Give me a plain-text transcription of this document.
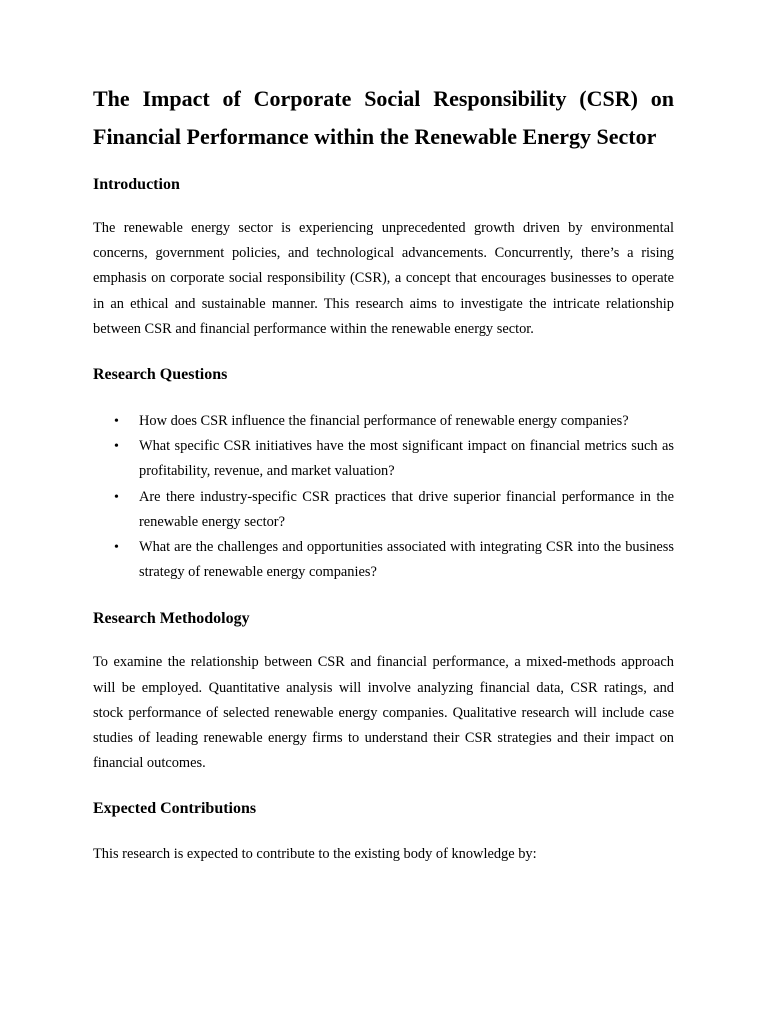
The Impact of Corporate Social Responsibility (CSR) on Financial Performance within the Renewable Energy Sector
Introduction

The renewable energy sector is experiencing unprecedented growth driven by environmental concerns, government policies, and technological advancements. Concurrently, there’s a rising emphasis on corporate social responsibility (CSR), a concept that encourages businesses to operate in an ethical and sustainable manner. This research aims to investigate the intricate relationship between CSR and financial performance within the renewable energy sector.

Research Questions
• How does CSR influence the financial performance of renewable energy companies?
• What specific CSR initiatives have the most significant impact on financial metrics such as profitability, revenue, and market valuation?
• Are there industry-specific CSR practices that drive superior financial performance in the renewable energy sector?
• What are the challenges and opportunities associated with integrating CSR into the business strategy of renewable energy companies?
Research Methodology

To examine the relationship between CSR and financial performance, a mixed-methods approach will be employed. Quantitative analysis will involve analyzing financial data, CSR ratings, and stock performance of selected renewable energy companies. Qualitative research will include case studies of leading renewable energy firms to understand their CSR strategies and their impact on financial outcomes.

Expected Contributions

This research is expected to contribute to the existing body of knowledge by:
